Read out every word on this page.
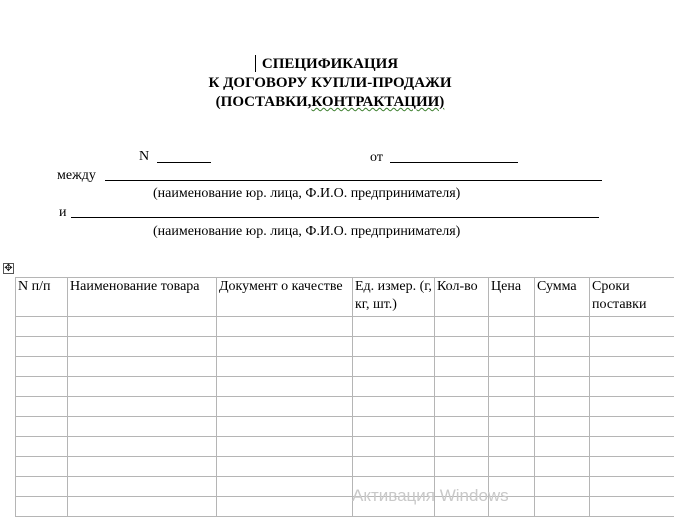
СПЕЦИФИКАЦИЯ
К ДОГОВОРУ КУПЛИ-ПРОДАЖИ
(ПОСТАВКИ,КОНТРАКТАЦИИ)
N	от
между
(наименование юр. лица, Ф.И.О. предпринимателя)
и
(наименование юр. лица, Ф.И.О. предпринимателя)
✥
N п/п	Наименование товара	Документ о качестве	Ед. измер. (г, кг, шт.)	Кол-во	Цена	Сумма	Сроки поставки

Активация Windows
